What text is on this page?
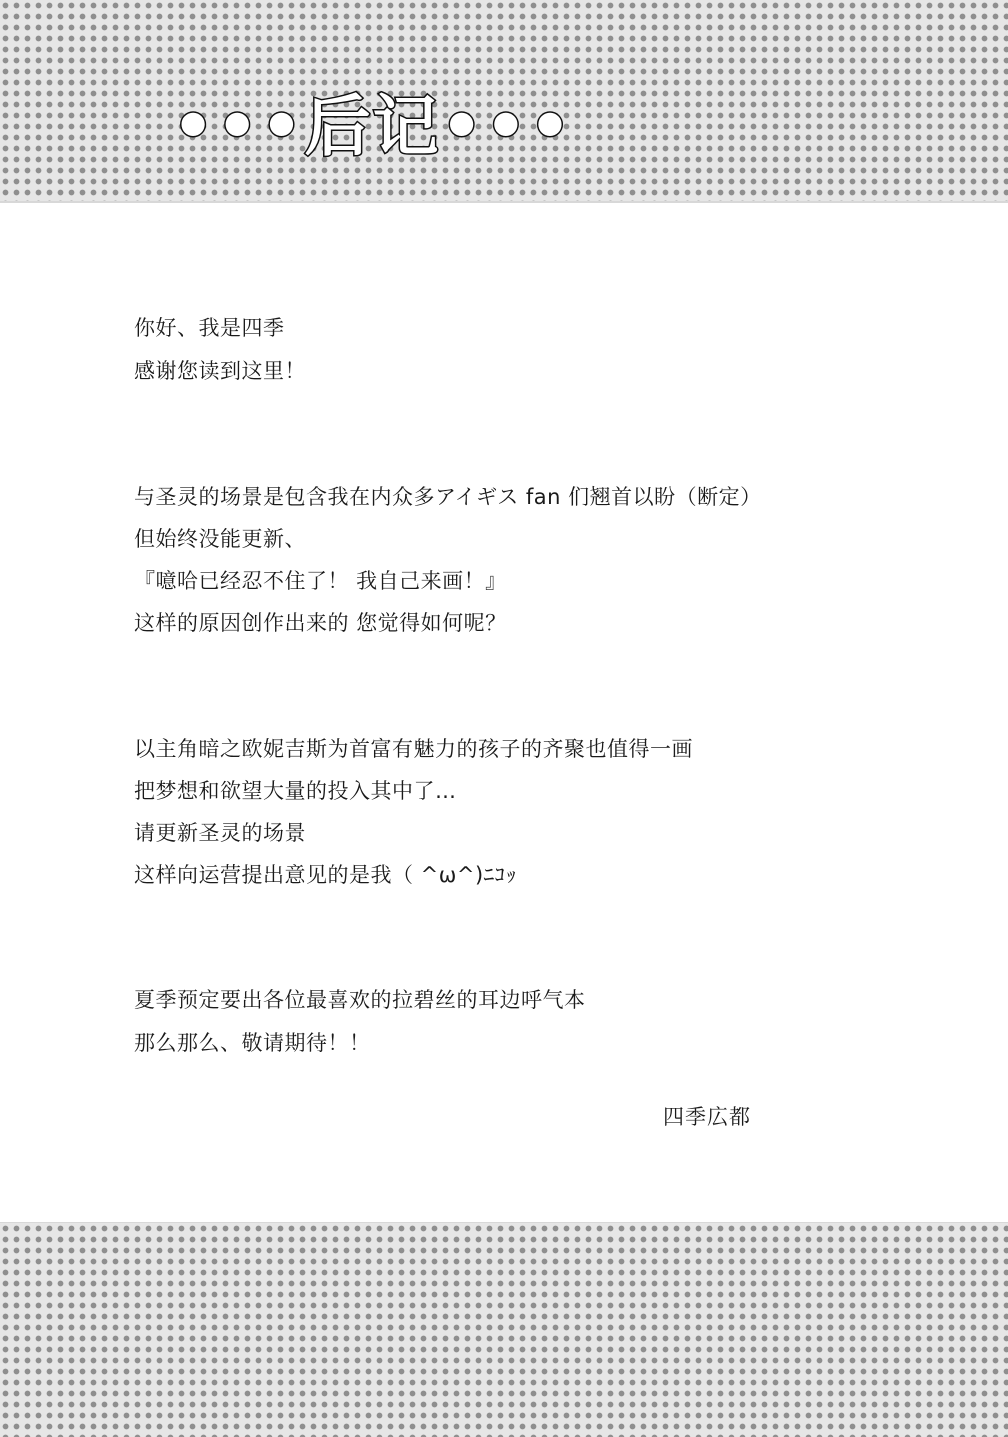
•••后记•••
你好、我是四季
感谢您读到这里！
与圣灵的场景是包含我在内众多アイギス fan 们翘首以盼（断定）
但始终没能更新、
『噫哈已经忍不住了！ 我自己来画！』
这样的原因创作出来的 您觉得如何呢？
以主角暗之欧妮吉斯为首富有魅力的孩子的齐聚也值得一画
把梦想和欲望大量的投入其中了…
请更新圣灵的场景
这样向运营提出意见的是我（ ^ω^)ﾆｺｯ
夏季预定要出各位最喜欢的拉碧丝的耳边呼气本
那么那么、敬请期待！！
四季広都
